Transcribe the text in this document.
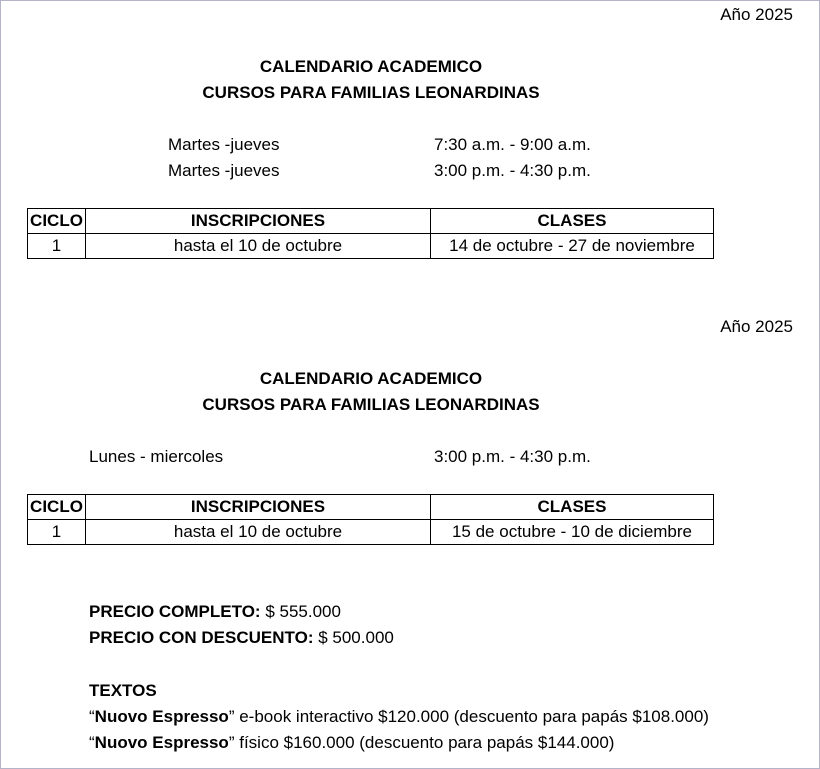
Año 2025
CALENDARIO ACADEMICO
CURSOS PARA FAMILIAS LEONARDINAS
Martes -jueves	7:30 a.m. - 9:00 a.m.
Martes -jueves	3:00 p.m. - 4:30 p.m.
CICLO	INSCRIPCIONES	CLASES
1	hasta el 10 de octubre	14 de octubre - 27 de noviembre
Año 2025
CALENDARIO ACADEMICO
CURSOS PARA FAMILIAS LEONARDINAS
Lunes - miercoles	3:00 p.m. - 4:30 p.m.
CICLO	INSCRIPCIONES	CLASES
1	hasta el 10 de octubre	15 de octubre - 10 de diciembre
PRECIO COMPLETO: $ 555.000
PRECIO CON DESCUENTO: $ 500.000
TEXTOS
“Nuovo Espresso” e-book interactivo $120.000 (descuento para papás $108.000)
“Nuovo Espresso” físico $160.000 (descuento para papás $144.000)
